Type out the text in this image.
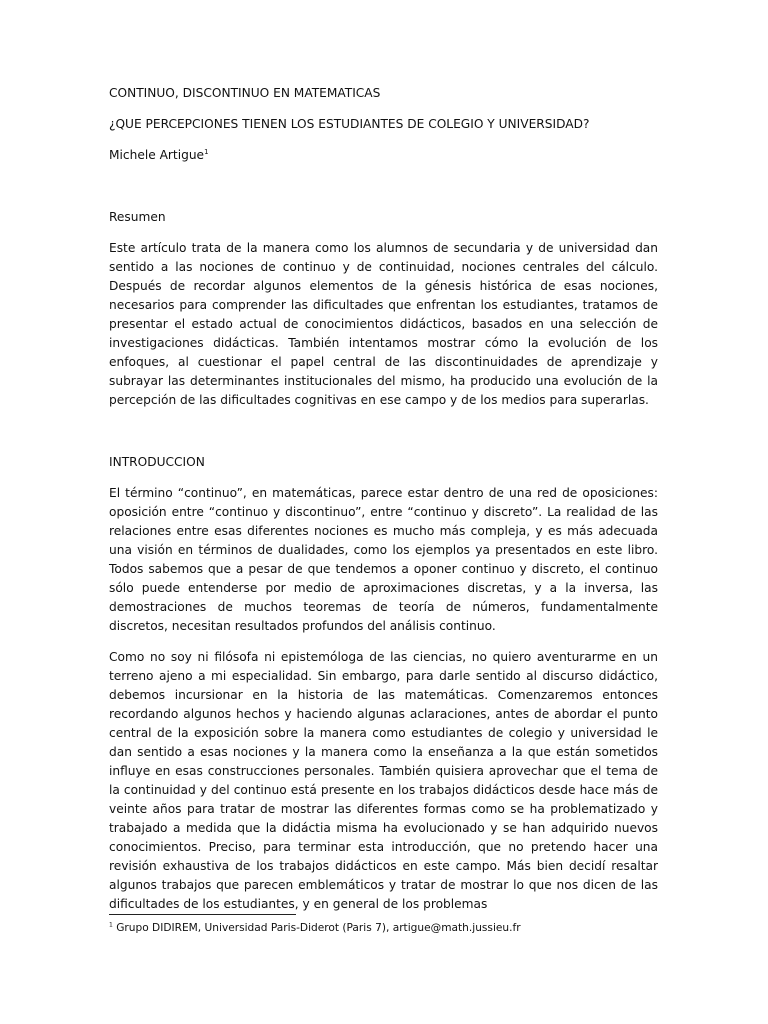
CONTINUO, DISCONTINUO EN MATEMATICAS

¿QUE PERCEPCIONES TIENEN LOS ESTUDIANTES DE COLEGIO Y UNIVERSIDAD?

Michele Artigue$^1$

Resumen

Este artículo trata de la manera como los alumnos de secundaria y de universidad dan sentido a las nociones de continuo y de continuidad, nociones centrales del cálculo. Después de recordar algunos elementos de la génesis histórica de esas nociones, necesarios para comprender las dificultades que enfrentan los estudiantes, tratamos de presentar el estado actual de conocimientos didácticos, basados en una selección de investigaciones didácticas. También intentamos mostrar cómo la evolución de los enfoques, al cuestionar el papel central de las discontinuidades de aprendizaje y subrayar las determinantes institucionales del mismo, ha producido una evolución de la percepción de las dificultades cognitivas en ese campo y de los medios para superarlas.

INTRODUCCION

El término “continuo”, en matemáticas, parece estar dentro de una red de oposiciones: oposición entre “continuo y discontinuo”, entre “continuo y discreto”. La realidad de las relaciones entre esas diferentes nociones es mucho más compleja, y es más adecuada una visión en términos de dualidades, como los ejemplos ya presentados en este libro. Todos sabemos que a pesar de que tendemos a oponer continuo y discreto, el continuo sólo puede entenderse por medio de aproximaciones discretas, y a la inversa, las demostraciones de muchos teoremas de teoría de números, fundamentalmente discretos, necesitan resultados profundos del análisis continuo.

Como no soy ni filósofa ni epistemóloga de las ciencias, no quiero aventurarme en un terreno ajeno a mi especialidad. Sin embargo, para darle sentido al discurso didáctico, debemos incursionar en la historia de las matemáticas. Comenzaremos entonces recordando algunos hechos y haciendo algunas aclaraciones, antes de abordar el punto central de la exposición sobre la manera como estudiantes de colegio y universidad le dan sentido a esas nociones y la manera como la enseñanza a la que están sometidos influye en esas construcciones personales. También quisiera aprovechar que el tema de la continuidad y del continuo está presente en los trabajos didácticos desde hace más de veinte años para tratar de mostrar las diferentes formas como se ha problematizado y trabajado a medida que la didáctia misma ha evolucionado y se han adquirido nuevos conocimientos. Preciso, para terminar esta introducción, que no pretendo hacer una revisión exhaustiva de los trabajos didácticos en este campo. Más bien decidí resaltar algunos trabajos que parecen emblemáticos y tratar de mostrar lo que nos dicen de las dificultades de los estudiantes, y en general de los problemas

$^1$ Grupo DIDIREM, Universidad Paris-Diderot (Paris 7), artigue@math.jussieu.fr
